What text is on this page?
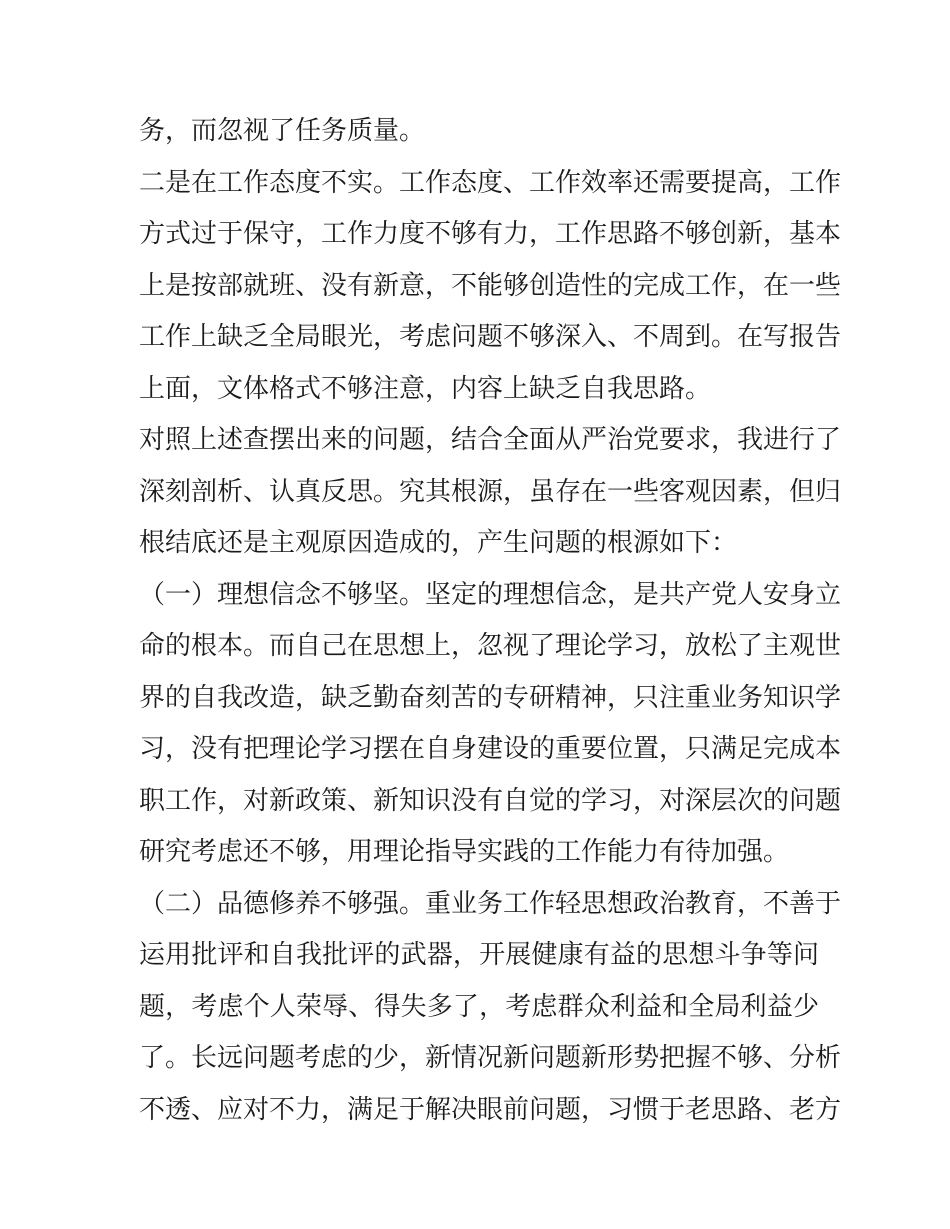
务，而忽视了任务质量。
二是在工作态度不实。工作态度、工作效率还需要提高，工作
方式过于保守，工作力度不够有力，工作思路不够创新，基本
上是按部就班、没有新意，不能够创造性的完成工作，在一些
工作上缺乏全局眼光，考虑问题不够深入、不周到。在写报告
上面，文体格式不够注意，内容上缺乏自我思路。
对照上述查摆出来的问题，结合全面从严治党要求，我进行了
深刻剖析、认真反思。究其根源，虽存在一些客观因素，但归
根结底还是主观原因造成的，产生问题的根源如下：
（一）理想信念不够坚。坚定的理想信念，是共产党人安身立
命的根本。而自己在思想上，忽视了理论学习，放松了主观世
界的自我改造，缺乏勤奋刻苦的专研精神，只注重业务知识学
习，没有把理论学习摆在自身建设的重要位置，只满足完成本
职工作，对新政策、新知识没有自觉的学习，对深层次的问题
研究考虑还不够，用理论指导实践的工作能力有待加强。
（二）品德修养不够强。重业务工作轻思想政治教育，不善于
运用批评和自我批评的武器，开展健康有益的思想斗争等问
题，考虑个人荣辱、得失多了，考虑群众利益和全局利益少
了。长远问题考虑的少，新情况新问题新形势把握不够、分析
不透、应对不力，满足于解决眼前问题，习惯于老思路、老方
